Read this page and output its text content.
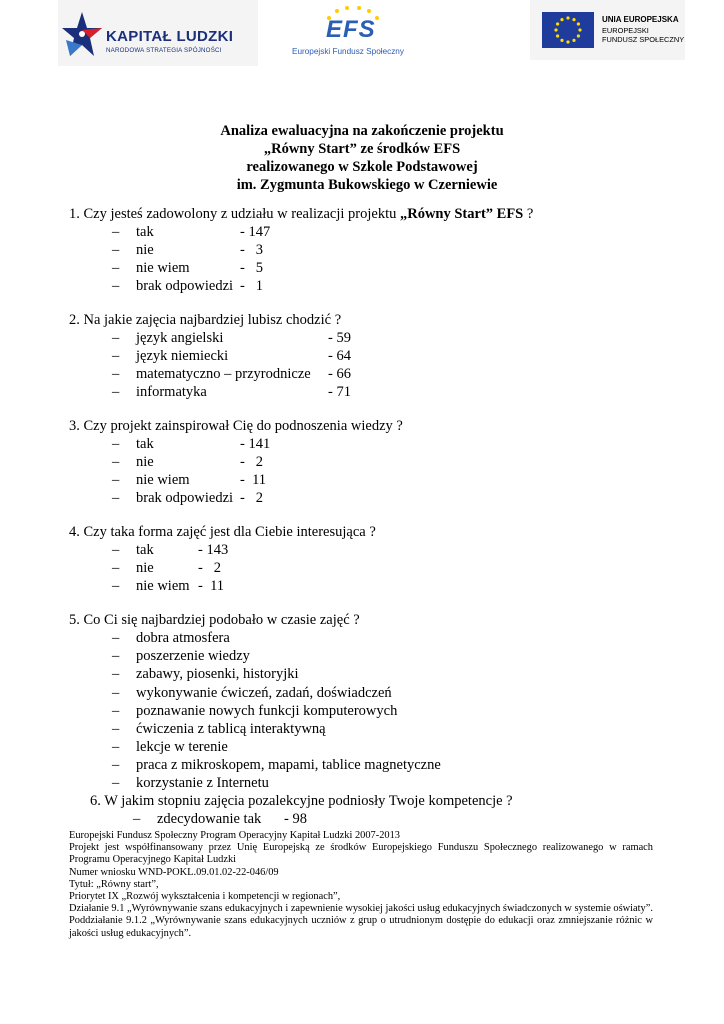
KAPITAŁ LUDZKI
NARODOWA STRATEGIA SPÓJNOŚCI
EFS
Europejski Fundusz Społeczny
UNIA EUROPEJSKA
EUROPEJSKI
FUNDUSZ SPOŁECZNY
Analiza ewaluacyjna na zakończenie projektu
„Równy Start” ze środków EFS
realizowanego w Szkole Podstawowej
im. Zygmunta Bukowskiego w Czerniewie
1. Czy jesteś zadowolony z udziału w realizacji projektu „Równy Start” EFS ?
– tak	- 147
– nie	-   3
– nie wiem	-   5
– brak odpowiedzi -   1
2. Na jakie zajęcia najbardziej lubisz chodzić ?
– język angielski	- 59
– język niemiecki	- 64
– matematyczno – przyrodnicze - 66
– informatyka	- 71
3. Czy projekt zainspirował Cię do podnoszenia wiedzy ?
– tak	- 141
– nie	-   2
– nie wiem	-  11
– brak odpowiedzi -   2
4. Czy taka forma zajęć jest dla Ciebie interesująca ?
– tak	- 143
– nie	-   2
– nie wiem -  11
5. Co Ci się najbardziej podobało w czasie zajęć ?
– dobra atmosfera
– poszerzenie wiedzy
– zabawy, piosenki, historyjki
– wykonywanie ćwiczeń, zadań, doświadczeń
– poznawanie nowych funkcji komputerowych
– ćwiczenia z tablicą interaktywną
– lekcje w terenie
– praca z mikroskopem, mapami, tablice magnetyczne
– korzystanie z Internetu
6. W jakim stopniu zajęcia pozalekcyjne podniosły Twoje kompetencje ?
– zdecydowanie tak - 98
Europejski Fundusz Społeczny Program Operacyjny Kapitał Ludzki 2007-2013
Projekt jest współfinansowany przez Unię Europejską ze środków Europejskiego Funduszu Społecznego realizowanego w ramach Programu Operacyjnego Kapitał Ludzki
Numer wniosku WND-POKL.09.01.02-22-046/09
Tytuł: „Równy start”,
Priorytet IX „Rozwój wykształcenia i kompetencji w regionach”,
Działanie 9.1 „Wyrównywanie szans edukacyjnych i zapewnienie wysokiej jakości usług edukacyjnych świadczonych w systemie oświaty”.
Poddziałanie 9.1.2 „Wyrównywanie szans edukacyjnych uczniów z grup o utrudnionym dostępie do edukacji oraz zmniejszanie różnic w jakości usług edukacyjnych”.
